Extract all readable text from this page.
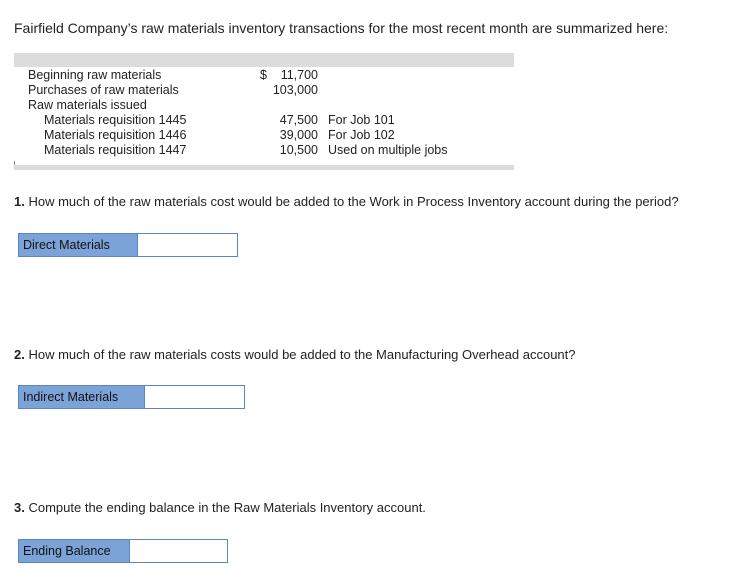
Fairfield Company’s raw materials inventory transactions for the most recent month are summarized here:
Beginning raw materials	$	11,700
Purchases of raw materials	103,000
Raw materials issued
Materials requisition 1445	47,500 For Job 101
Materials requisition 1446	39,000 For Job 102
Materials requisition 1447	10,500 Used on multiple jobs
1. How much of the raw materials cost would be added to the Work in Process Inventory account during the period?
Direct Materials
2. How much of the raw materials costs would be added to the Manufacturing Overhead account?
Indirect Materials
3. Compute the ending balance in the Raw Materials Inventory account.
Ending Balance
